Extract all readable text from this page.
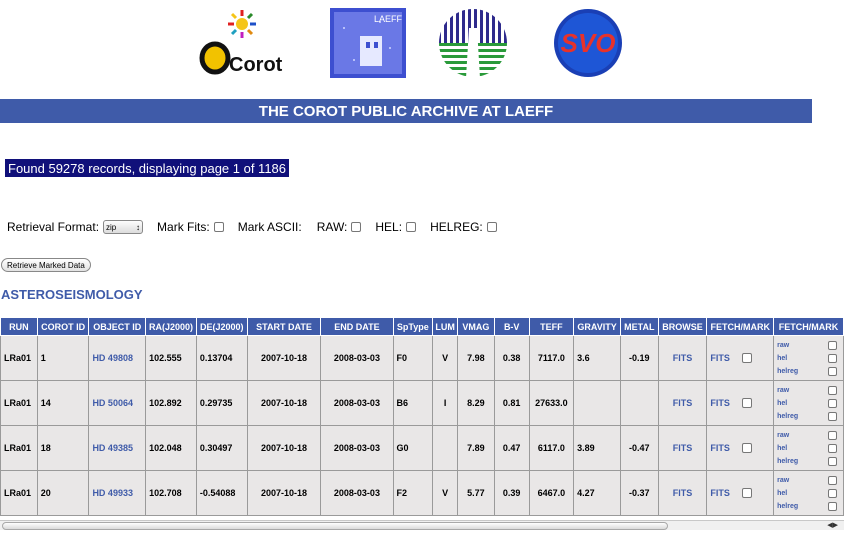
Corot
LAEFF
SVO
THE COROT PUBLIC ARCHIVE AT LAEFF
Found 59278 records, displaying page 1 of 1186
Retrieval Format: zip ↕ Mark Fits: Mark ASCII: RAW: HEL: HELREG:
Retrieve Marked Data
ASTEROSEISMOLOGY
RUN	COROT ID	OBJECT ID	RA(J2000)	DE(J2000)	START DATE	END DATE	SpType	LUM	VMAG	B-V	TEFF	GRAVITY	METAL	BROWSE	FETCH/MARK	FETCH/MARK
LRa01	1	HD 49808	102.555	0.13704	2007-10-18	2008-03-03	F0	V	7.98	0.38	7117.0	3.6	-0.19	FITS	FITS	raw
hel
helreg

LRa01	14	HD 50064	102.892	0.29735	2007-10-18	2008-03-03	B6	I	8.29	0.81	27633.0			FITS	FITS	raw
hel
helreg

LRa01	18	HD 49385	102.048	0.30497	2007-10-18	2008-03-03	G0		7.89	0.47	6117.0	3.89	-0.47	FITS	FITS	raw
hel
helreg

LRa01	20	HD 49933	102.708	-0.54088	2007-10-18	2008-03-03	F2	V	5.77	0.39	6467.0	4.27	-0.37	FITS	FITS	raw
hel
helreg
◀▶
